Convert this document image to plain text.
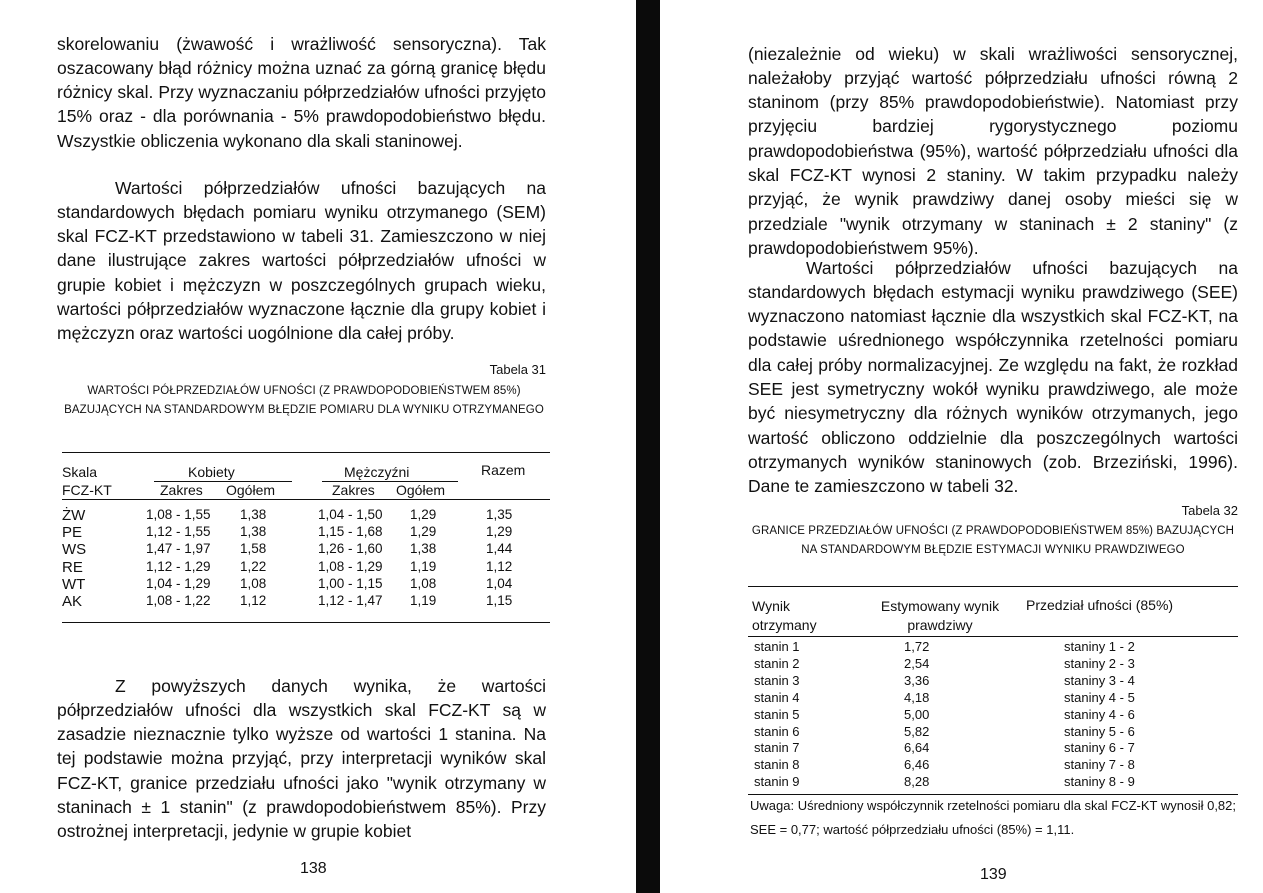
skorelowaniu (żwawość i wrażliwość sensoryczna). Tak oszacowany błąd różnicy można uznać za górną granicę błędu różnicy skal. Przy wyznaczaniu półprzedziałów ufności przyjęto 15% oraz - dla porównania - 5% prawdopodobieństwo błędu. Wszystkie obliczenia wykonano dla skali staninowej.

Wartości półprzedziałów ufności bazujących na standardowych błędach pomiaru wyniku otrzymanego (SEM) skal FCZ-KT przedstawiono w tabeli 31. Zamieszczono w niej dane ilustrujące zakres wartości półprzedziałów ufności w grupie kobiet i mężczyzn w poszczególnych grupach wieku, wartości półprzedziałów wyznaczone łącznie dla grupy kobiet i mężczyzn oraz wartości uogólnione dla całej próby.

Tabela 31
WARTOŚCI PÓŁPRZEDZIAŁÓW UFNOŚCI (Z PRAWDOPODOBIEŃSTWEM 85%) BAZUJĄCYCH NA STANDARDOWYM BŁĘDZIE POMIARU DLA WYNIKU OTRZYMANEGO
Skala FCZ-KT
Kobiety	Mężczyźni	Razem
Zakres Ogółem	Zakres Ogółem
ŻW	1,08 - 1,55 1,38	1,04 - 1,50 1,29	1,35
PE	1,12 - 1,55 1,38	1,15 - 1,68 1,29	1,29
WS	1,47 - 1,97 1,58	1,26 - 1,60 1,38	1,44
RE	1,12 - 1,29 1,22	1,08 - 1,29 1,19	1,12
WT	1,04 - 1,29 1,08	1,00 - 1,15 1,08	1,04
AK	1,08 - 1,22 1,12	1,12 - 1,47 1,19	1,15

Z powyższych danych wynika, że wartości półprzedziałów ufności dla wszystkich skal FCZ-KT są w zasadzie nieznacznie tylko wyższe od wartości 1 stanina. Na tej podstawie można przyjąć, przy interpretacji wyników skal FCZ-KT, granice przedziału ufności jako "wynik otrzymany w staninach ± 1 stanin" (z prawdopodobieństwem 85%). Przy ostrożnej interpretacji, jedynie w grupie kobiet

138

(niezależnie od wieku) w skali wrażliwości sensorycznej, należałoby przyjąć wartość półprzedziału ufności równą 2 staninom (przy 85% prawdopodobieństwie). Natomiast przy przyjęciu bardziej rygorystycznego poziomu prawdopodobieństwa (95%), wartość półprzedziału ufności dla skal FCZ-KT wynosi 2 staniny. W takim przypadku należy przyjąć, że wynik prawdziwy danej osoby mieści się w przedziale "wynik otrzymany w staninach ± 2 staniny" (z prawdopodobieństwem 95%).

Wartości półprzedziałów ufności bazujących na standardowych błędach estymacji wyniku prawdziwego (SEE) wyznaczono natomiast łącznie dla wszystkich skal FCZ-KT, na podstawie uśrednionego współczynnika rzetelności pomiaru dla całej próby normalizacyjnej. Ze względu na fakt, że rozkład SEE jest symetryczny wokół wyniku prawdziwego, ale może być niesymetryczny dla różnych wyników otrzymanych, jego wartość obliczono oddzielnie dla poszczególnych wartości otrzymanych wyników staninowych (zob. Brzeziński, 1996). Dane te zamieszczono w tabeli 32.

Tabela 32
GRANICE PRZEDZIAŁÓW UFNOŚCI (Z PRAWDOPODOBIEŃSTWEM 85%) BAZUJĄCYCH NA STANDARDOWYM BŁĘDZIE ESTYMACJI WYNIKU PRAWDZIWEGO
Wynik otrzymany
Estymowany wynik prawdziwy
Przedział ufności (85%)
stanin 1	1,72	staniny 1 - 2
stanin 2	2,54	staniny 2 - 3
stanin 3	3,36	staniny 3 - 4
stanin 4	4,18	staniny 4 - 5
stanin 5	5,00	staniny 4 - 6
stanin 6	5,82	staniny 5 - 6
stanin 7	6,64	staniny 6 - 7
stanin 8	6,46	staniny 7 - 8
stanin 9	8,28	staniny 8 - 9
Uwaga: Uśredniony współczynnik rzetelności pomiaru dla skal FCZ-KT wynosił 0,82; SEE = 0,77; wartość półprzedziału ufności (85%) = 1,11.
139
